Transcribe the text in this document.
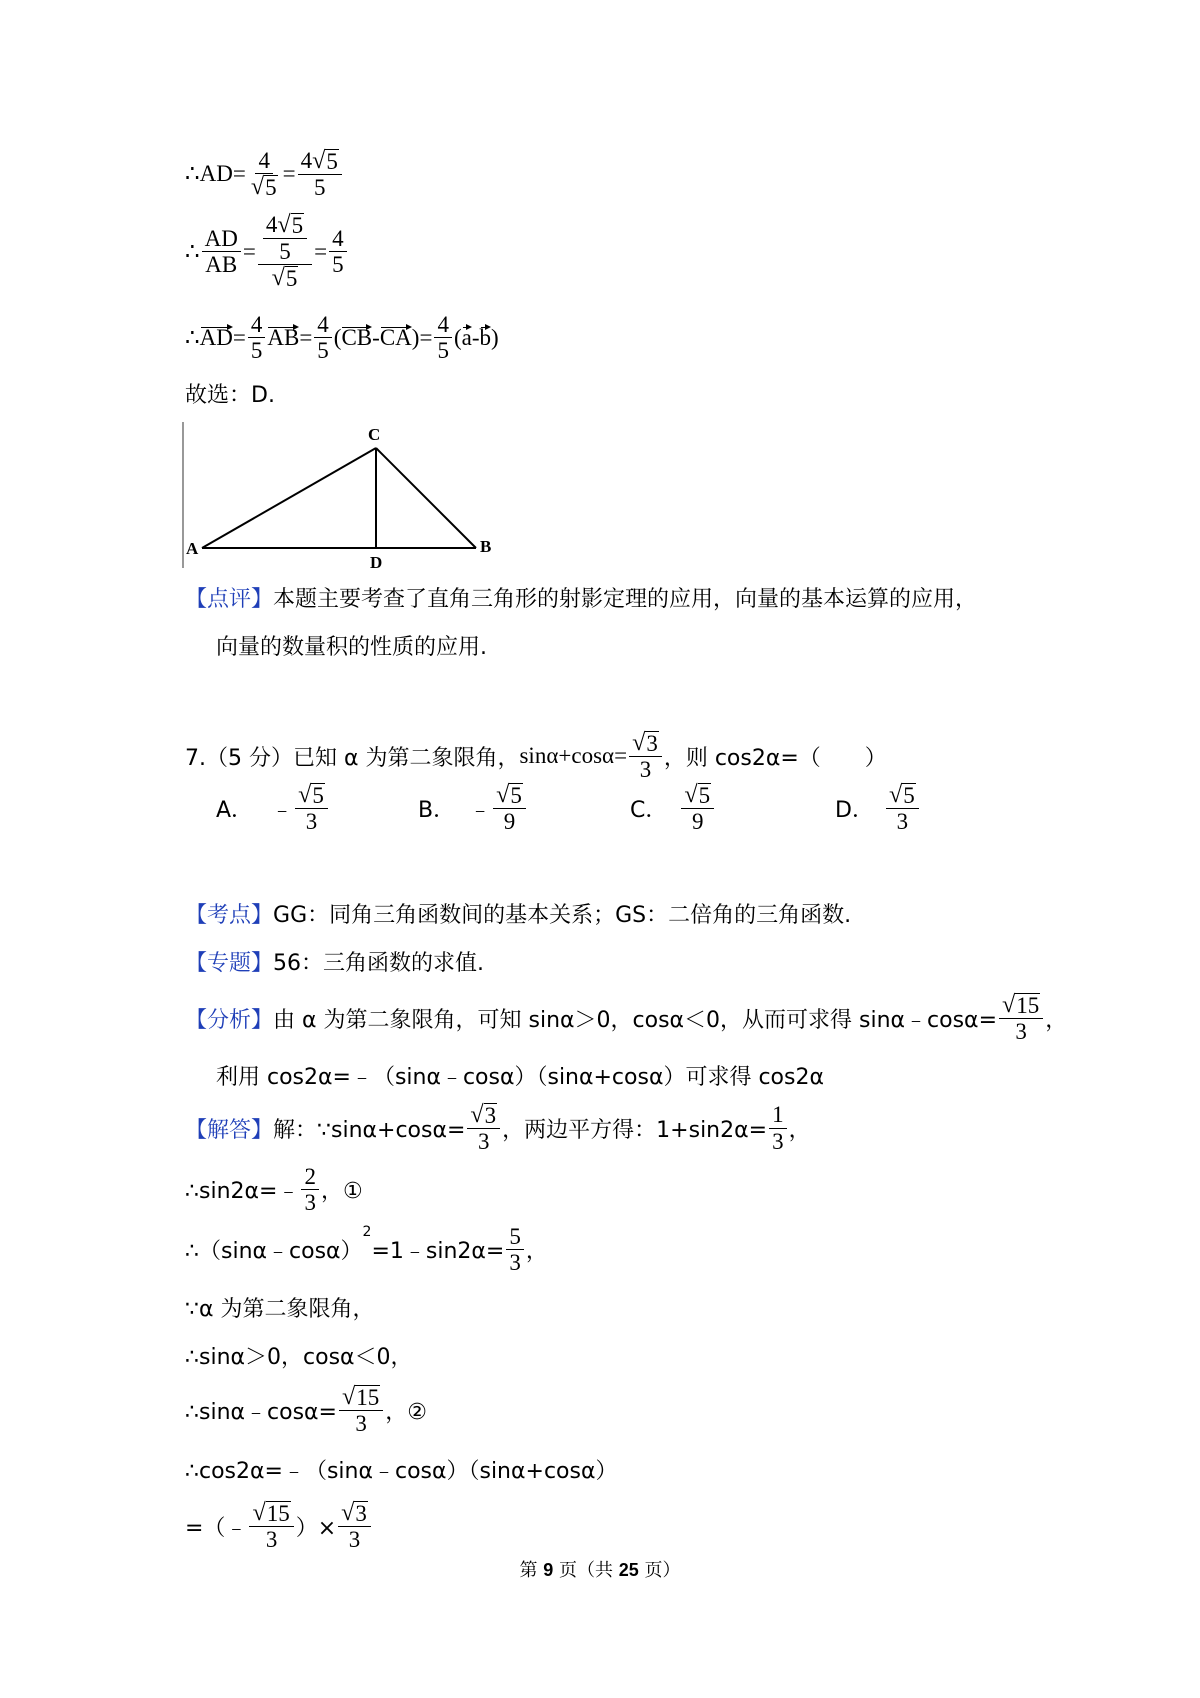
∴ $AD= \frac{4}{√ 5} = \frac{4 √ 5}{5}$
∴ $\frac{AD}{AB} = \frac{\frac{4 √ 5}{5}}{√ 5} = \frac{4}{5}$
∴ AD = $\frac{4}{5}$ AB = $\frac{4}{5}$ ( CB - CA ) = $\frac{4}{5}$ ( a - b )
故选：D.
C
A	B
D
【点评】 本题主要考查了直角三角形的射影定理的应用，向量的基本运算的应用，
向量的数量积的性质的应用.
7.（5 分）已知 α 为第二象限角， sin α +cos $\alpha = \frac{√ 3}{3}$ ，则 cos2α=（　　）
A． ﹣ $\frac{√ 5}{3}$	B． ﹣ $\frac{√ 5}{9}$	C． $\frac{√ 5}{9}$	D． $\frac{√ 5}{3}$
【考点】 GG：同角三角函数间的基本关系；GS：二倍角的三角函数.
【专题】 56：三角函数的求值.
【分析】 由 α 为第二象限角，可知 sinα＞0，cosα＜0，从而可求得 sinα﹣cosα= $\frac{√ 15}{3}$ ，
利用 cos2α=﹣（sinα﹣cosα）（sinα+cosα）可求得 cos2α
【解答】 解：∵sinα+cosα= $\frac{√ 3}{3}$ ，两边平方得：$1+\sin 2\alpha= \frac{1}{3}$ ，
∴sin2α=﹣ $\frac{2}{3}$ ，①
∴（sinα﹣cosα）
$^2$
=1﹣sin2α= $\frac{5}{3}$ ，
∵α 为第二象限角，
∴sinα＞0，cosα＜0，
∴sinα﹣cosα= $\frac{√ 15}{3}$ ，②
∴cos2α=﹣（sinα﹣cosα）（sinα+cosα）
=（﹣ $\frac{√ 15}{3}$ ）× $\frac{√ 3}{3}$
第 9 页（共 25 页）
